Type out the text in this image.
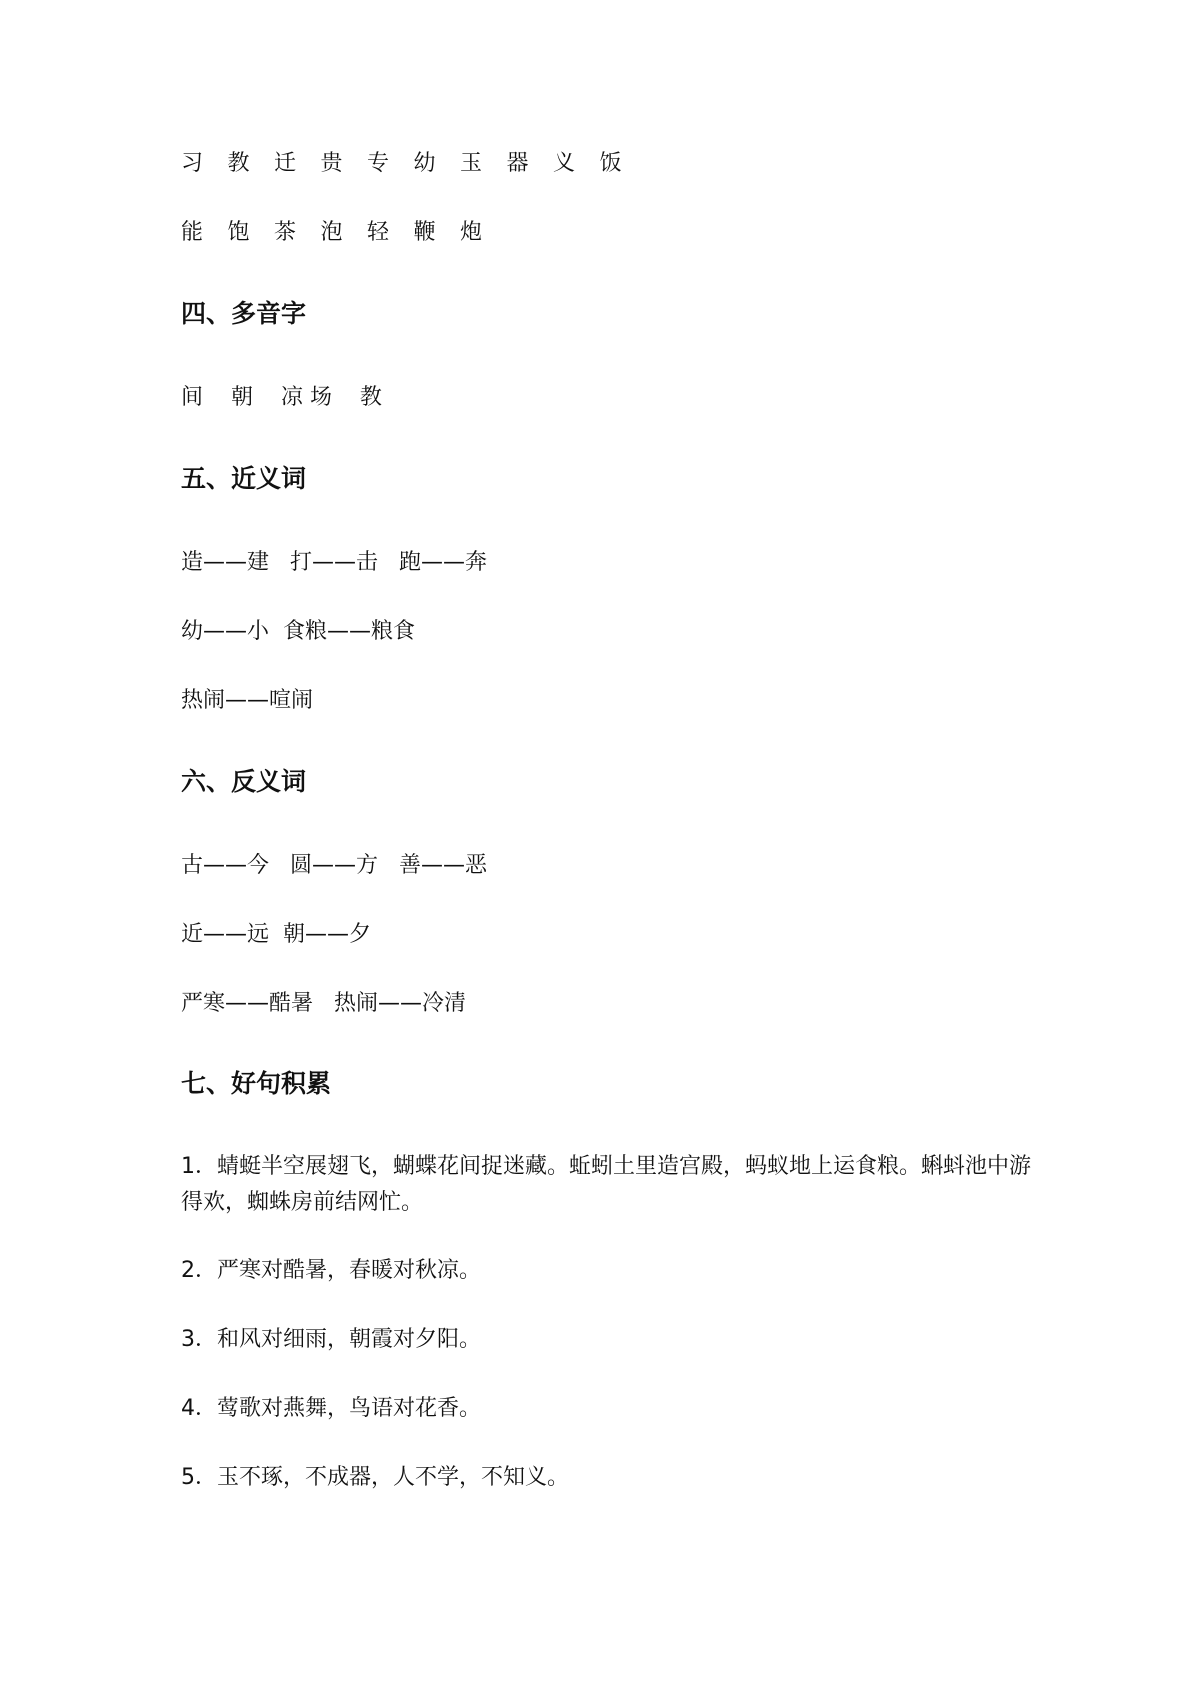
习教迁贵专幼玉器义饭

能饱茶泡轻鞭炮

四、多音字

间    朝    凉 场    教

五、近义词

造——建   打——击   跑——奔

幼——小  食粮——粮食

热闹——喧闹

六、反义词

古——今   圆——方   善——恶

近——远  朝——夕

严寒——酷暑   热闹——冷清

七、好句积累

1．蜻蜓半空展翅飞，蝴蝶花间捉迷藏。蚯蚓土里造宫殿，蚂蚁地上运食粮。蝌蚪池中游得欢，蜘蛛房前结网忙。

2．严寒对酷暑，春暖对秋凉。

3．和风对细雨，朝霞对夕阳。

4．莺歌对燕舞，鸟语对花香。

5．玉不琢，不成器，人不学，不知义。
